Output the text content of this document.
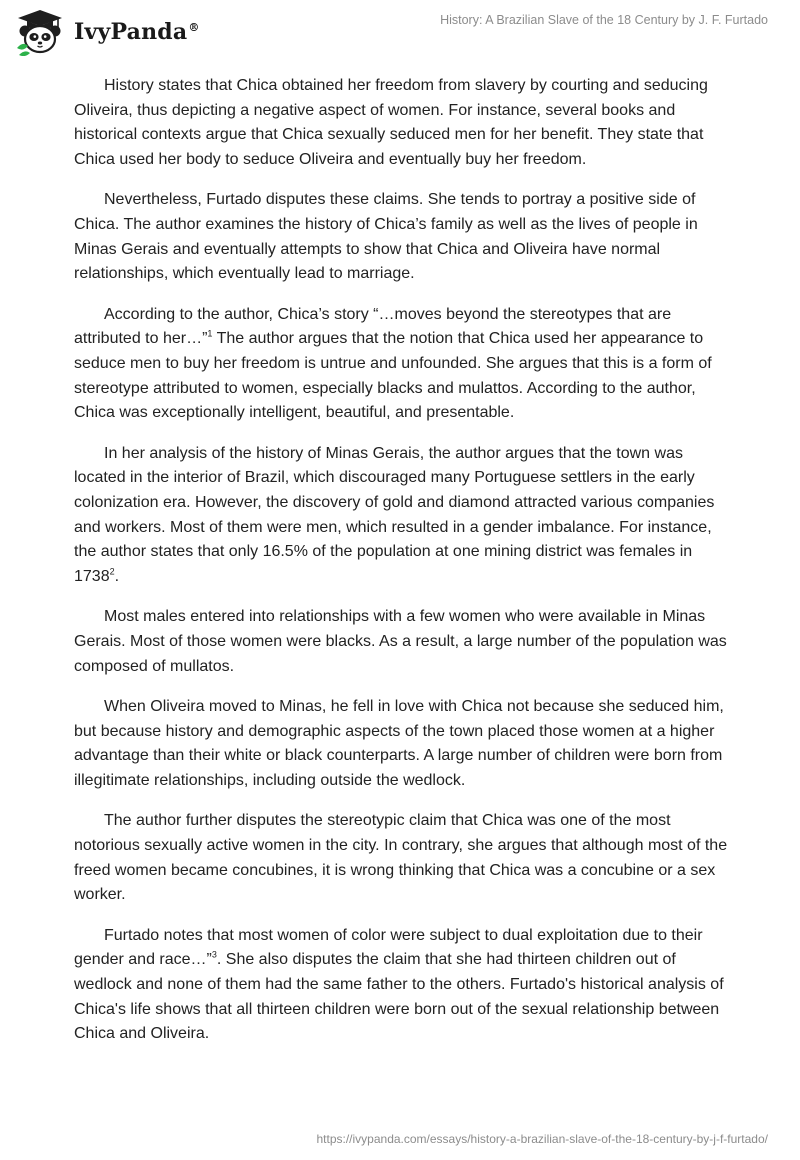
IvyPanda®
History: A Brazilian Slave of the 18 Century by J. F. Furtado

History states that Chica obtained her freedom from slavery by courting and seducing Oliveira, thus depicting a negative aspect of women. For instance, several books and historical contexts argue that Chica sexually seduced men for her benefit. They state that Chica used her body to seduce Oliveira and eventually buy her freedom.

Nevertheless, Furtado disputes these claims. She tends to portray a positive side of Chica. The author examines the history of Chica’s family as well as the lives of people in Minas Gerais and eventually attempts to show that Chica and Oliveira have normal relationships, which eventually lead to marriage.

According to the author, Chica’s story “…moves beyond the stereotypes that are attributed to her…”$^1$ The author argues that the notion that Chica used her appearance to seduce men to buy her freedom is untrue and unfounded. She argues that this is a form of stereotype attributed to women, especially blacks and mulattos. According to the author, Chica was exceptionally intelligent, beautiful, and presentable.

In her analysis of the history of Minas Gerais, the author argues that the town was located in the interior of Brazil, which discouraged many Portuguese settlers in the early colonization era. However, the discovery of gold and diamond attracted various companies and workers. Most of them were men, which resulted in a gender imbalance. For instance, the author states that only 16.5% of the population at one mining district was females in 1738$^2$.

Most males entered into relationships with a few women who were available in Minas Gerais. Most of those women were blacks. As a result, a large number of the population was composed of mullatos.

When Oliveira moved to Minas, he fell in love with Chica not because she seduced him, but because history and demographic aspects of the town placed those women at a higher advantage than their white or black counterparts. A large number of children were born from illegitimate relationships, including outside the wedlock.

The author further disputes the stereotypic claim that Chica was one of the most notorious sexually active women in the city. In contrary, she argues that although most of the freed women became concubines, it is wrong thinking that Chica was a concubine or a sex worker.

Furtado notes that most women of color were subject to dual exploitation due to their gender and race…”$^3$. She also disputes the claim that she had thirteen children out of wedlock and none of them had the same father to the others. Furtado's historical analysis of Chica's life shows that all thirteen children were born out of the sexual relationship between Chica and Oliveira.

https://ivypanda.com/essays/history-a-brazilian-slave-of-the-18-century-by-j-f-furtado/
